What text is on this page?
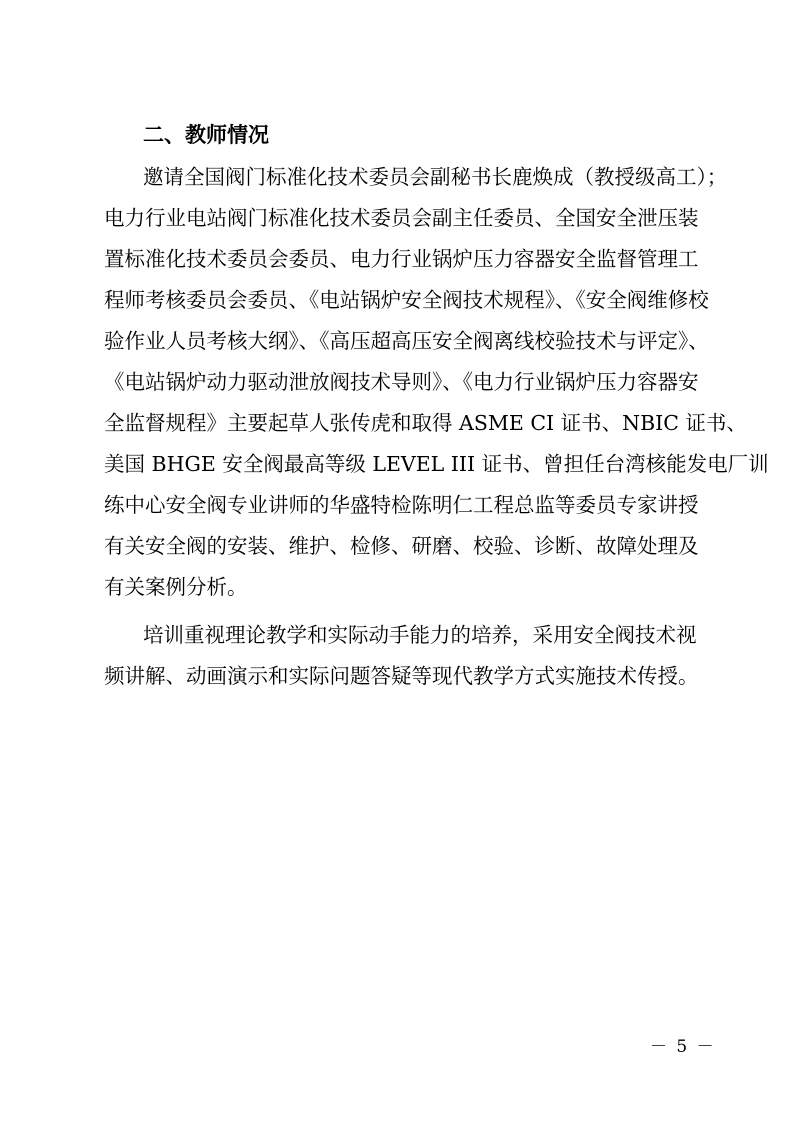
二、教师情况
邀请全国阀门标准化技术委员会副秘书长鹿焕成（教授级高工）；
电力行业电站阀门标准化技术委员会副主任委员、全国安全泄压装
置标准化技术委员会委员、电力行业锅炉压力容器安全监督管理工
程师考核委员会委员、《电站锅炉安全阀技术规程》、《安全阀维修校
验作业人员考核大纲》、《高压超高压安全阀离线校验技术与评定》、
《电站锅炉动力驱动泄放阀技术导则》、《电力行业锅炉压力容器安
全监督规程》主要起草人张传虎和取得 ASME CI 证书、NBIC 证书、
美国 BHGE 安全阀最高等级 LEVEL III 证书、曾担任台湾核能发电厂训
练中心安全阀专业讲师的华盛特检陈明仁工程总监等委员专家讲授
有关安全阀的安装、维护、检修、研磨、校验、诊断、故障处理及
有关案例分析。
培训重视理论教学和实际动手能力的培养，采用安全阀技术视
频讲解、动画演示和实际问题答疑等现代教学方式实施技术传授。
－ 5 －
